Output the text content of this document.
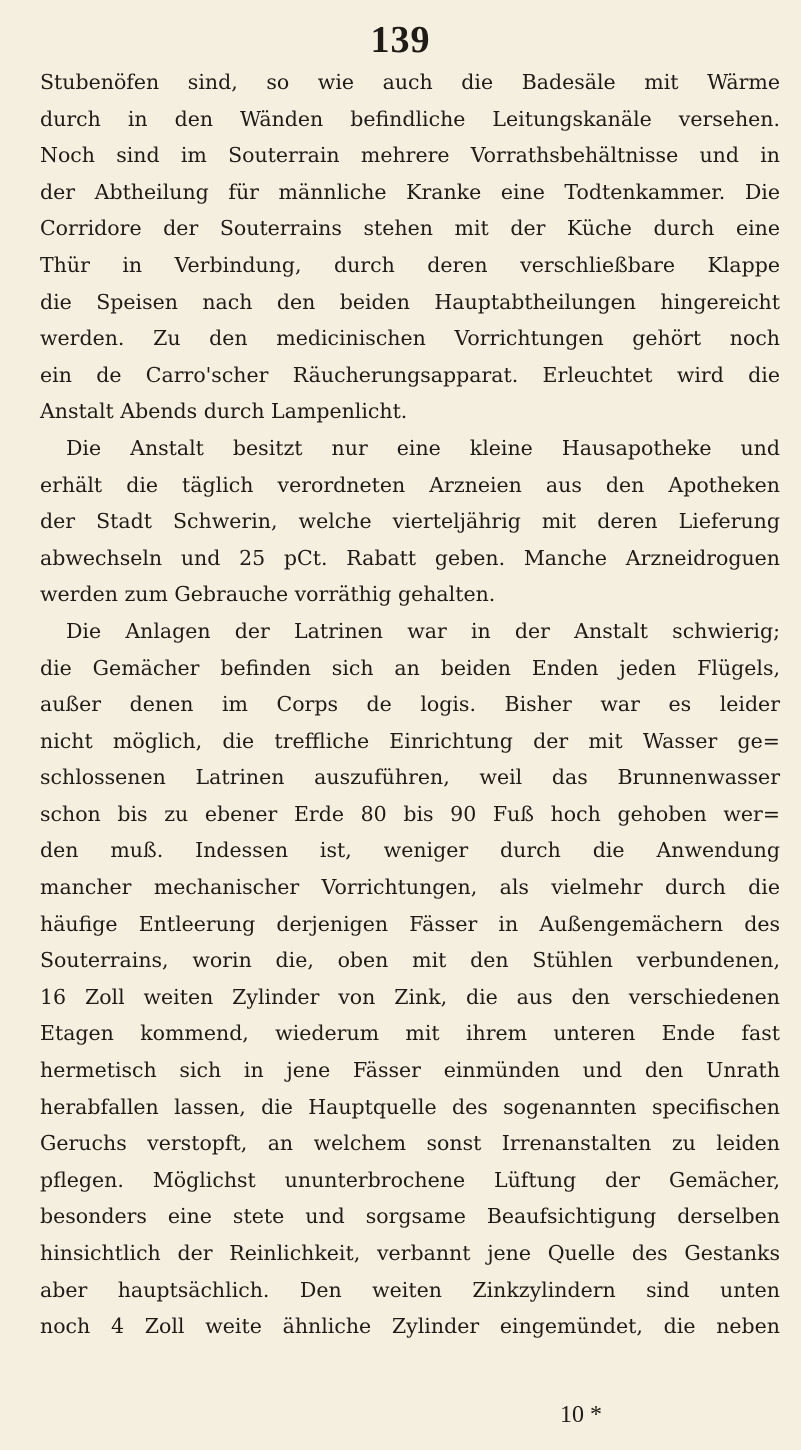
139
Stubenöfen sind, so wie auch die Badesäle mit Wärme
durch in den Wänden befindliche Leitungskanäle versehen.
Noch sind im Souterrain mehrere Vorrathsbehältnisse und in
der Abtheilung für männliche Kranke eine Todtenkammer. Die
Corridore der Souterrains stehen mit der Küche durch eine
Thür in Verbindung, durch deren verschließbare Klappe
die Speisen nach den beiden Hauptabtheilungen hingereicht
werden. Zu den medicinischen Vorrichtungen gehört noch
ein de Carro'scher Räucherungsapparat. Erleuchtet wird die
Anstalt Abends durch Lampenlicht.
Die Anstalt besitzt nur eine kleine Hausapotheke und
erhält die täglich verordneten Arzneien aus den Apotheken
der Stadt Schwerin, welche vierteljährig mit deren Lieferung
abwechseln und 25 pCt. Rabatt geben. Manche Arzneidroguen
werden zum Gebrauche vorräthig gehalten.
Die Anlagen der Latrinen war in der Anstalt schwierig;
die Gemächer befinden sich an beiden Enden jeden Flügels,
außer denen im Corps de logis. Bisher war es leider
nicht möglich, die treffliche Einrichtung der mit Wasser ge=
schlossenen Latrinen auszuführen, weil das Brunnenwasser
schon bis zu ebener Erde 80 bis 90 Fuß hoch gehoben wer=
den muß. Indessen ist, weniger durch die Anwendung
mancher mechanischer Vorrichtungen, als vielmehr durch die
häufige Entleerung derjenigen Fässer in Außengemächern des
Souterrains, worin die, oben mit den Stühlen verbundenen,
16 Zoll weiten Zylinder von Zink, die aus den verschiedenen
Etagen kommend, wiederum mit ihrem unteren Ende fast
hermetisch sich in jene Fässer einmünden und den Unrath
herabfallen lassen, die Hauptquelle des sogenannten specifischen
Geruchs verstopft, an welchem sonst Irrenanstalten zu leiden
pflegen. Möglichst ununterbrochene Lüftung der Gemächer,
besonders eine stete und sorgsame Beaufsichtigung derselben
hinsichtlich der Reinlichkeit, verbannt jene Quelle des Gestanks
aber hauptsächlich. Den weiten Zinkzylindern sind unten
noch 4 Zoll weite ähnliche Zylinder eingemündet, die neben
10 *
